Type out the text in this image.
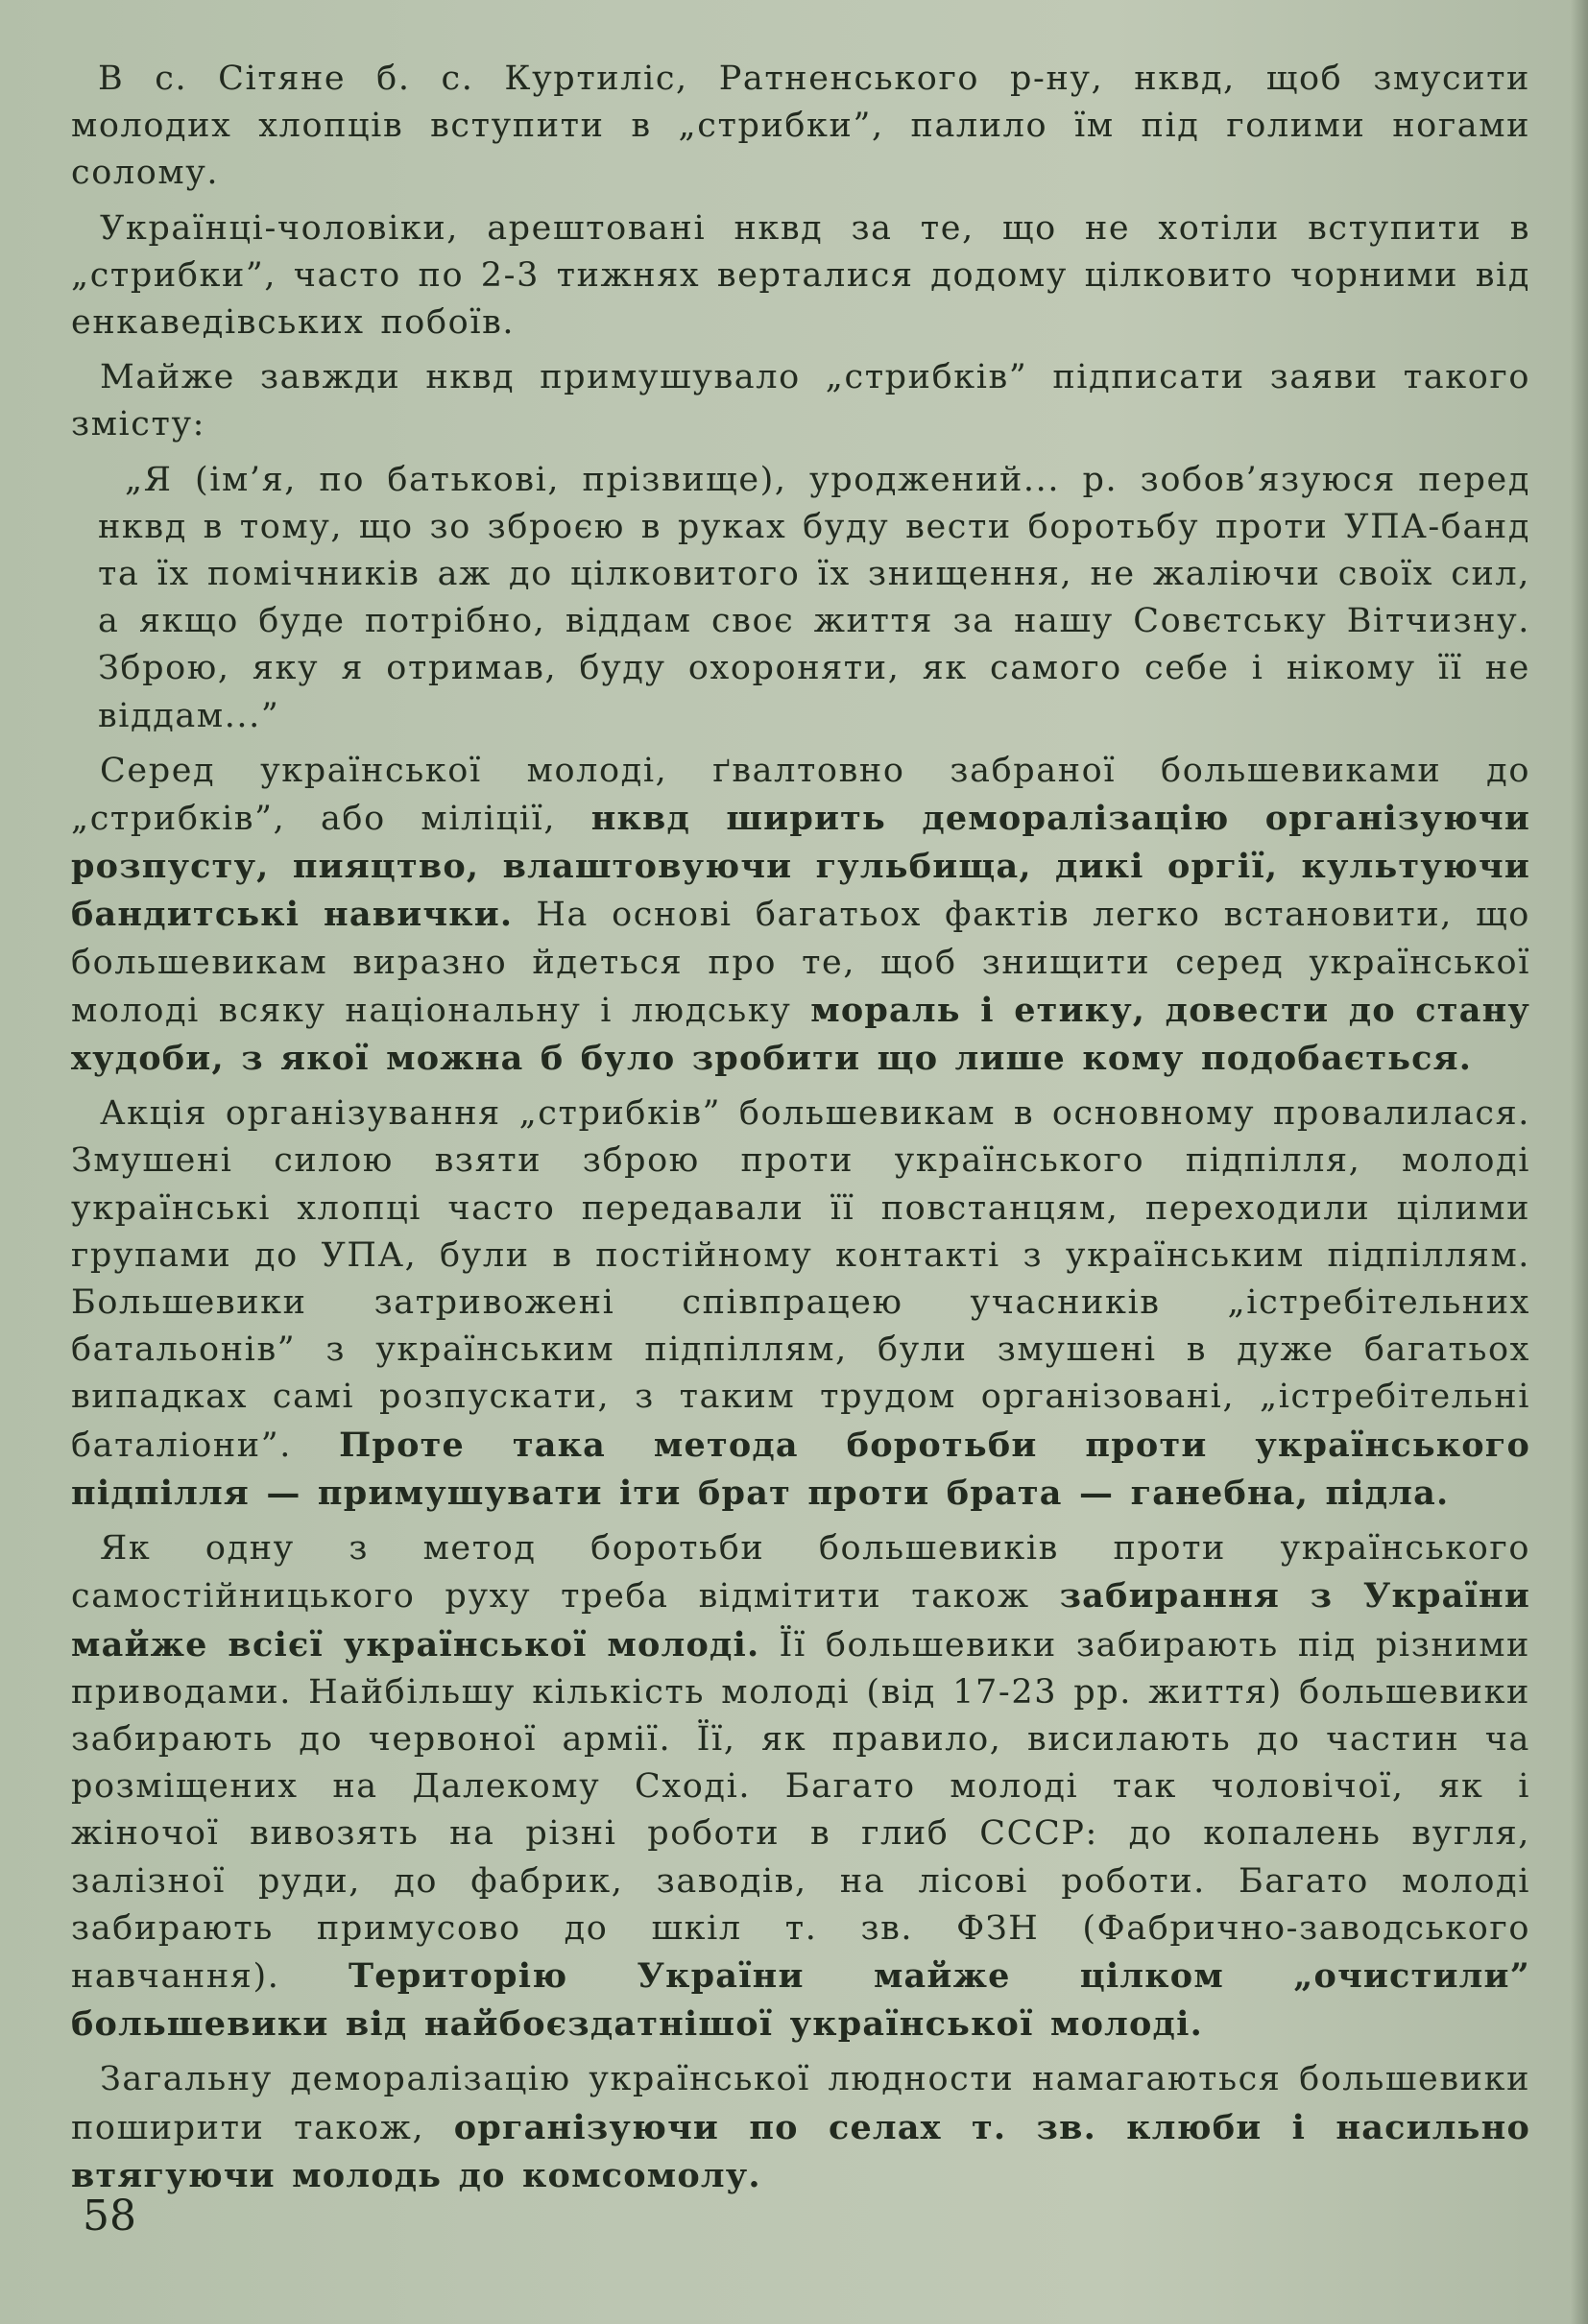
В с. Сітяне б. с. Куртиліс, Ратненського р-ну, нквд, щоб змусити молодих хлопців вступити в „стрибки”, палило їм під голими ногами солому.

Українці-чоловіки, арештовані нквд за те, що не хотіли вступити в „стрибки”, часто по 2-3 тижнях верталися додому цілковито чорними від енкаведівських побоїв.

Майже завжди нквд примушувало „стрибків” підписати заяви такого змісту:

„Я (ім’я, по батькові, прізвище), уроджений... р. зобов’язуюся перед нквд в тому, що зо зброєю в руках буду вести боротьбу проти УПА-банд та їх помічників аж до цілковитого їх знищення, не жаліючи своїх сил, а якщо буде потрібно, віддам своє життя за нашу Совєтську Вітчизну. Зброю, яку я отримав, буду охороняти, як самого себе і нікому її не віддам...”

Серед української молоді, ґвалтовно забраної большевиками до „стрибків”, або міліції, нквд ширить деморалізацію організуючи розпусту, пияцтво, влаштовуючи гульбища, дикі оргії, культуючи бандитські навички. На основі багатьох фактів легко встановити, що большевикам виразно йдеться про те, щоб знищити серед української молоді всяку національну і людську мораль і етику, довести до стану худоби, з якої можна б було зробити що лише кому подобається.

Акція організування „стрибків” большевикам в основному провалилася. Змушені силою взяти зброю проти українського підпілля, молоді українські хлопці часто передавали її повстанцям, переходили цілими групами до УПА, були в постійному контакті з українським підпіллям. Большевики затривожені співпрацею учасників „істребітельних батальонів” з українським підпіллям, були змушені в дуже багатьох випадках самі розпускати, з таким трудом організовані, „істребітельні баталіони”. Проте така метода боротьби проти українського підпілля — примушувати іти брат проти брата — ганебна, підла.

Як одну з метод боротьби большевиків проти українського самостійницького руху треба відмітити також забирання з України майже всієї української молоді. Її большевики забирають під різними приводами. Найбільшу кількість молоді (від 17-23 рр. життя) большевики забирають до червоної армії. Її, як правило, висилають до частин ча розміщених на Далекому Сході. Багато молоді так чоловічої, як і жіночої вивозять на різні роботи в глиб СССР: до копалень вугля, залізної руди, до фабрик, заводів, на лісові роботи. Багато молоді забирають примусово до шкіл т. зв. ФЗН (Фабрично-заводського навчання). Територію України майже цілком „очистили” большевики від найбоєздатнішої української молоді.

Загальну деморалізацію української людности намагаються большевики поширити також, організуючи по селах т. зв. клюби і насильно втягуючи молодь до комсомолу.

58
